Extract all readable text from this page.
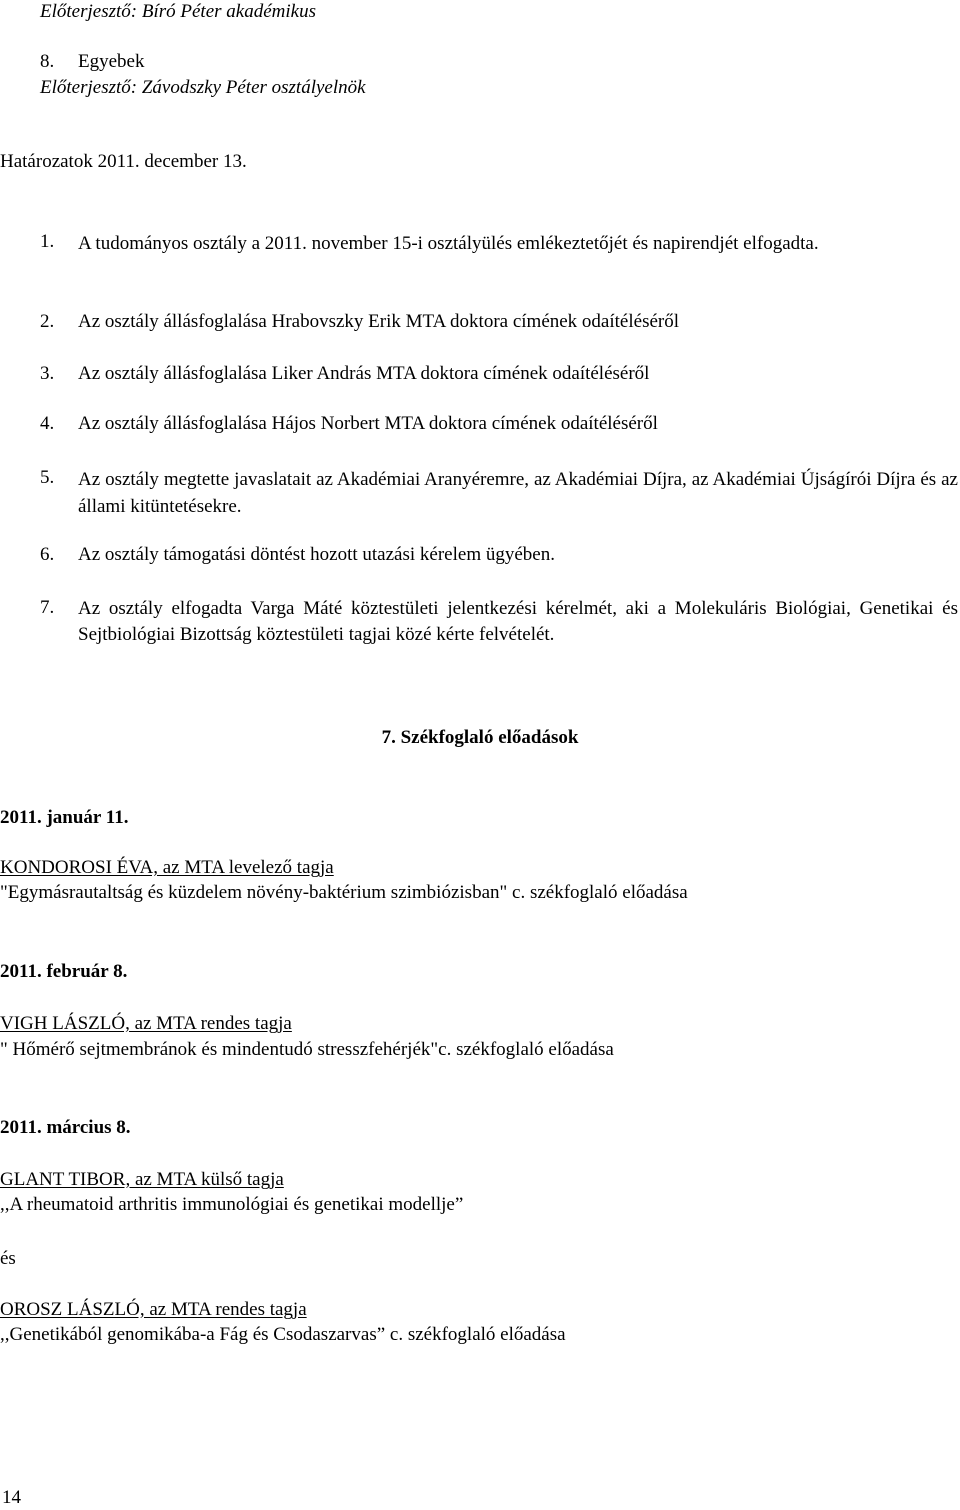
Előterjesztő: Bíró Péter akadémikus
8. Egyebek
Előterjesztő: Závodszky Péter osztályelnök
Határozatok 2011. december 13.
1. A tudományos osztály a 2011. november 15-i osztályülés emlékeztetőjét és napirendjét elfogadta.
2. Az osztály állásfoglalása Hrabovszky Erik MTA doktora címének odaítéléséről
3. Az osztály állásfoglalása Liker András MTA doktora címének odaítéléséről
4. Az osztály állásfoglalása Hájos Norbert MTA doktora címének odaítéléséről
5. Az osztály megtette javaslatait az Akadémiai Aranyéremre, az Akadémiai Díjra, az Akadémiai Újságírói Díjra és az állami kitüntetésekre.
6. Az osztály támogatási döntést hozott utazási kérelem ügyében.
7. Az osztály elfogadta Varga Máté köztestületi jelentkezési kérelmét, aki a Molekuláris Biológiai, Genetikai és Sejtbiológiai Bizottság köztestületi tagjai közé kérte felvételét.
7. Székfoglaló előadások
2011. január 11.
KONDOROSI ÉVA, az MTA levelező tagja
"Egymásrautaltság és küzdelem növény-baktérium szimbiózisban" c. székfoglaló előadása
2011. február 8.
VIGH LÁSZLÓ, az MTA rendes tagja
" Hőmérő sejtmembránok és mindentudó stresszfehérjék"c. székfoglaló előadása
2011. március 8.
GLANT TIBOR, az MTA külső tagja
,,A rheumatoid arthritis immunológiai és genetikai modellje”
és
OROSZ LÁSZLÓ, az MTA rendes tagja
,,Genetikából genomikába-a Fág és Csodaszarvas” c. székfoglaló előadása
14
